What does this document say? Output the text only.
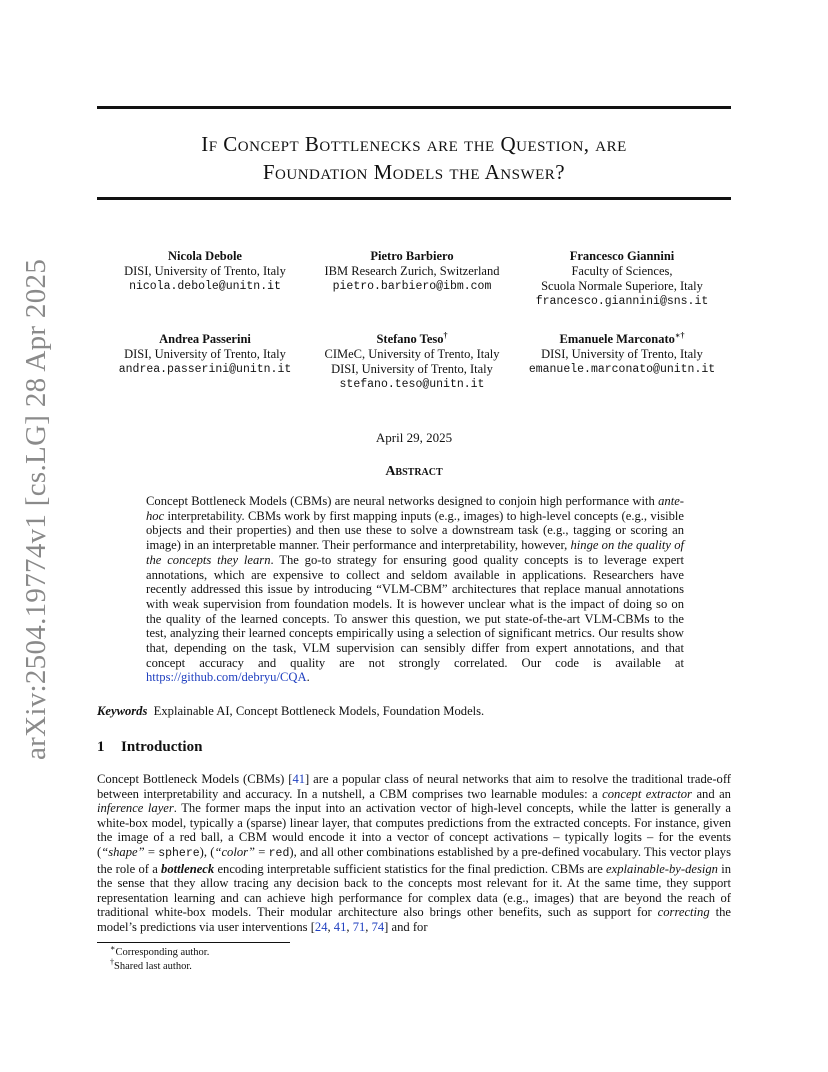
arXiv:2504.19774v1 [cs.LG] 28 Apr 2025
If Concept Bottlenecks are the Question, are
Foundation Models the Answer?
Nicola Debole
DISI, University of Trento, Italy
nicola.debole@unitn.it
Pietro Barbiero
IBM Research Zurich, Switzerland
pietro.barbiero@ibm.com
Francesco Giannini
Faculty of Sciences,
Scuola Normale Superiore, Italy
francesco.giannini@sns.it
Andrea Passerini
DISI, University of Trento, Italy
andrea.passerini@unitn.it
Stefano Teso†
CIMeC, University of Trento, Italy
DISI, University of Trento, Italy
stefano.teso@unitn.it
Emanuele Marconato∗†
DISI, University of Trento, Italy
emanuele.marconato@unitn.it
April 29, 2025
Abstract
Concept Bottleneck Models (CBMs) are neural networks designed to conjoin high performance with ante-hoc interpretability. CBMs work by first mapping inputs (e.g., images) to high-level concepts (e.g., visible objects and their properties) and then use these to solve a downstream task (e.g., tagging or scoring an image) in an interpretable manner. Their performance and interpretability, however, hinge on the quality of the concepts they learn. The go-to strategy for ensuring good quality concepts is to leverage expert annotations, which are expensive to collect and seldom available in applications. Researchers have recently addressed this issue by introducing “VLM-CBM” architectures that replace manual annotations with weak supervision from foundation models. It is however unclear what is the impact of doing so on the quality of the learned concepts. To answer this question, we put state-of-the-art VLM-CBMs to the test, analyzing their learned concepts empirically using a selection of significant metrics. Our results show that, depending on the task, VLM supervision can sensibly differ from expert annotations, and that concept accuracy and quality are not strongly correlated. Our code is available at https://github.com/debryu/CQA.
Keywords Explainable AI, Concept Bottleneck Models, Foundation Models.
1 Introduction
Concept Bottleneck Models (CBMs) [41] are a popular class of neural networks that aim to resolve the traditional trade-off between interpretability and accuracy. In a nutshell, a CBM comprises two learnable modules: a concept extractor and an inference layer. The former maps the input into an activation vector of high-level concepts, while the latter is generally a white-box model, typically a (sparse) linear layer, that computes predictions from the extracted concepts. For instance, given the image of a red ball, a CBM would encode it into a vector of concept activations – typically logits – for the events (“shape” = sphere), (“color” = red), and all other combinations established by a pre-defined vocabulary. This vector plays the role of a bottleneck encoding interpretable sufficient statistics for the final prediction. CBMs are explainable-by-design in the sense that they allow tracing any decision back to the concepts most relevant for it. At the same time, they support representation learning and can achieve high performance for complex data (e.g., images) that are beyond the reach of traditional white-box models. Their modular architecture also brings other benefits, such as support for correcting the model’s predictions via user interventions [24, 41, 71, 74] and for
∗Corresponding author.
†Shared last author.
